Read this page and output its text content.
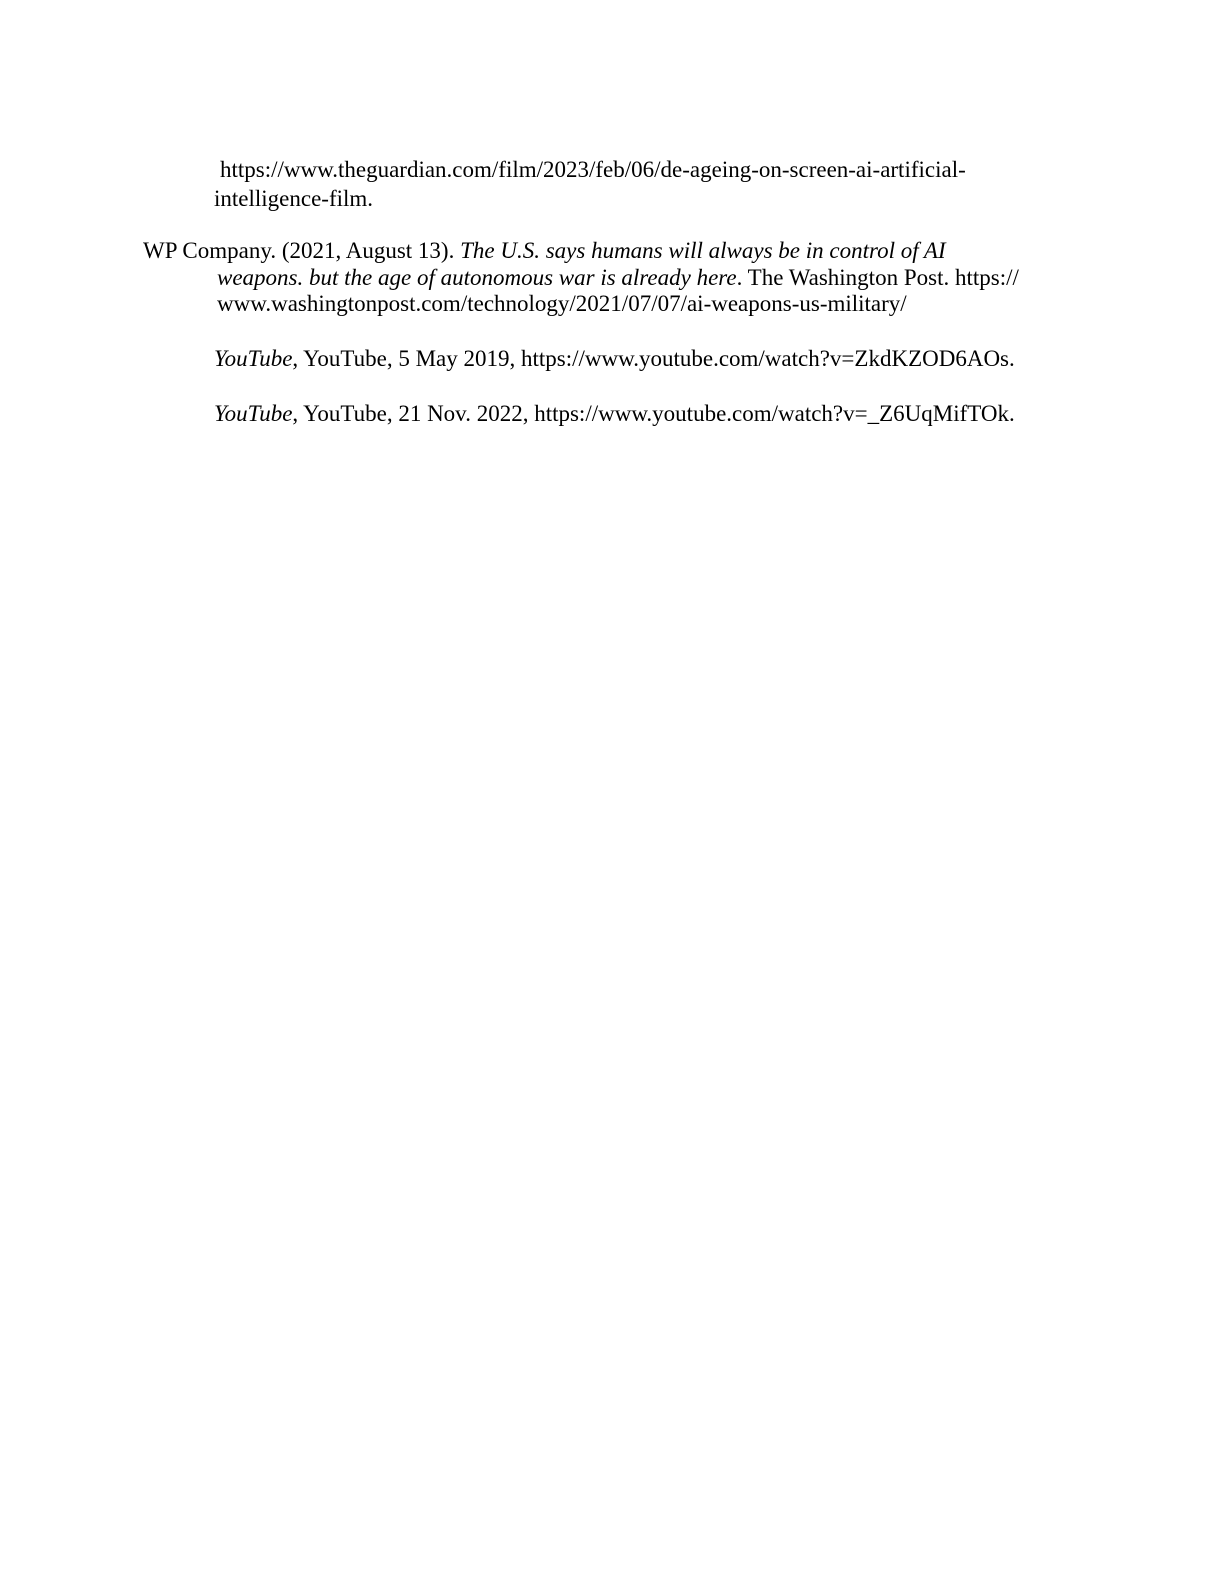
https://www.theguardian.com/film/2023/feb/06/de-ageing-on-screen-ai-artificial-
intelligence-film.
WP Company. (2021, August 13). The U.S. says humans will always be in control of AI
weapons. but the age of autonomous war is already here. The Washington Post. https://
www.washingtonpost.com/technology/2021/07/07/ai-weapons-us-military/
YouTube, YouTube, 5 May 2019, https://www.youtube.com/watch?v=ZkdKZOD6AOs.
YouTube, YouTube, 21 Nov. 2022, https://www.youtube.com/watch?v=_Z6UqMifTOk.
